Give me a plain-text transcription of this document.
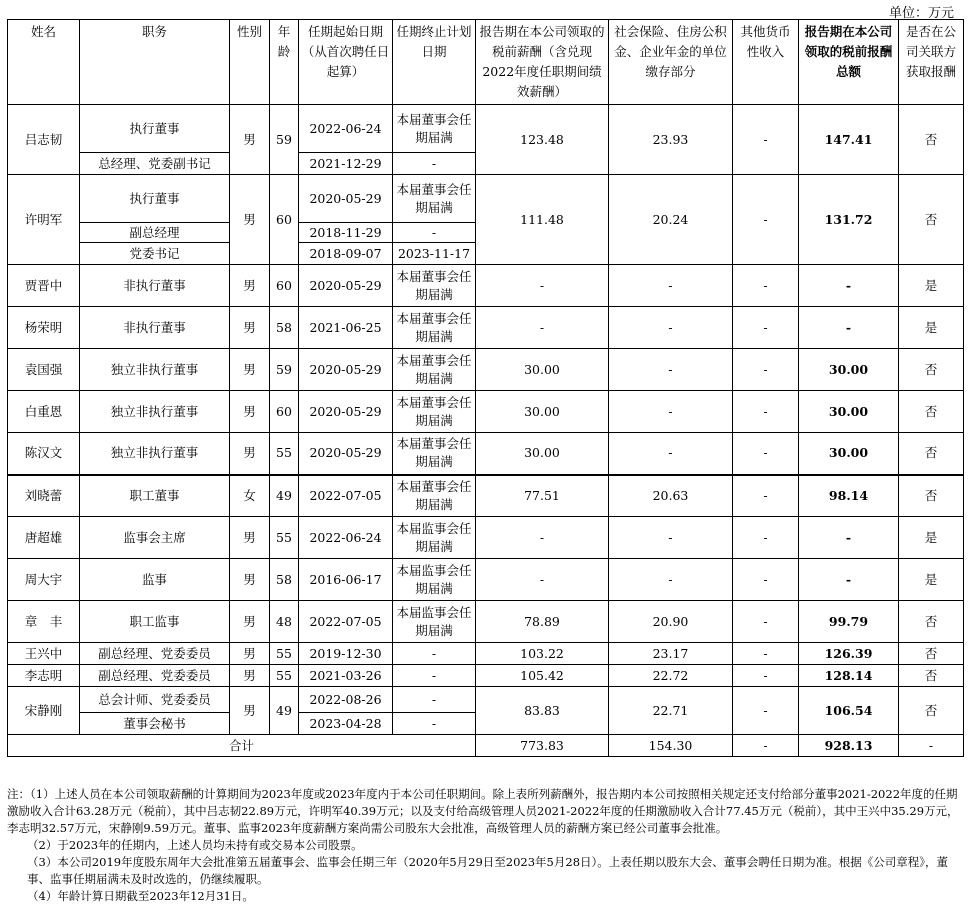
单位：万元
姓名	职务	性别	年龄	任期起始日期（从首次聘任日起算）	任期终止计划日期	报告期在本公司领取的税前薪酬（含兑现2022年度任职期间绩效薪酬）	社会保险、住房公积金、企业年金的单位缴存部分	其他货币性收入	报告期在本公司领取的税前报酬总额	是否在公司关联方获取报酬
吕志韧	执行董事	男	59	2022-06-24	本届董事会任期届满	123.48	23.93	-	147.41	否
	总经理、党委副书记			2021-12-29	-					
许明军	执行董事	男	60	2020-05-29	本届董事会任期届满	111.48	20.24	-	131.72	否
	副总经理			2018-11-29	-					
	党委书记			2018-09-07	2023-11-17					
贾晋中	非执行董事	男	60	2020-05-29	本届董事会任期届满	-	-	-	-	是
杨荣明	非执行董事	男	58	2021-06-25	本届董事会任期届满	-	-	-	-	是
袁国强	独立非执行董事	男	59	2020-05-29	本届董事会任期届满	30.00	-	-	30.00	否
白重恩	独立非执行董事	男	60	2020-05-29	本届董事会任期届满	30.00	-	-	30.00	否
陈汉文	独立非执行董事	男	55	2020-05-29	本届董事会任期届满	30.00	-	-	30.00	否
刘晓蕾	职工董事	女	49	2022-07-05	本届董事会任期届满	77.51	20.63	-	98.14	否
唐超雄	监事会主席	男	55	2022-06-24	本届监事会任期届满	-	-	-	-	是
周大宇	监事	男	58	2016-06-17	本届监事会任期届满	-	-	-	-	是
章　丰	职工监事	男	48	2022-07-05	本届监事会任期届满	78.89	20.90	-	99.79	否
王兴中	副总经理、党委委员	男	55	2019-12-30	-	103.22	23.17	-	126.39	否
李志明	副总经理、党委委员	男	55	2021-03-26	-	105.42	22.72	-	128.14	否
宋静刚	总会计师、党委委员	男	49	2022-08-26	-	83.83	22.71	-	106.54	否
	董事会秘书			2023-04-28	-					
合计						773.83	154.30	-	928.13	-

注：（1）上述人员在本公司领取薪酬的计算期间为2023年度或2023年度内于本公司任职期间。除上表所列薪酬外，报告期内本公司按照相关规定还支付给部分董事2021-2022年度的任期激励收入合计63.28万元（税前），其中吕志韧22.89万元，许明军40.39万元；以及支付给高级管理人员2021-2022年度的任期激励收入合计77.45万元（税前），其中王兴中35.29万元，李志明32.57万元，宋静刚9.59万元。董事、监事2023年度薪酬方案尚需公司股东大会批准，高级管理人员的薪酬方案已经公司董事会批准。

（2）于2023年的任期内，上述人员均未持有或交易本公司股票。

（3）本公司2019年度股东周年大会批准第五届董事会、监事会任期三年（2020年5月29日至2023年5月28日）。上表任期以股东大会、董事会聘任日期为准。根据《公司章程》，董事、监事任期届满未及时改选的，仍继续履职。

（4）年龄计算日期截至2023年12月31日。
